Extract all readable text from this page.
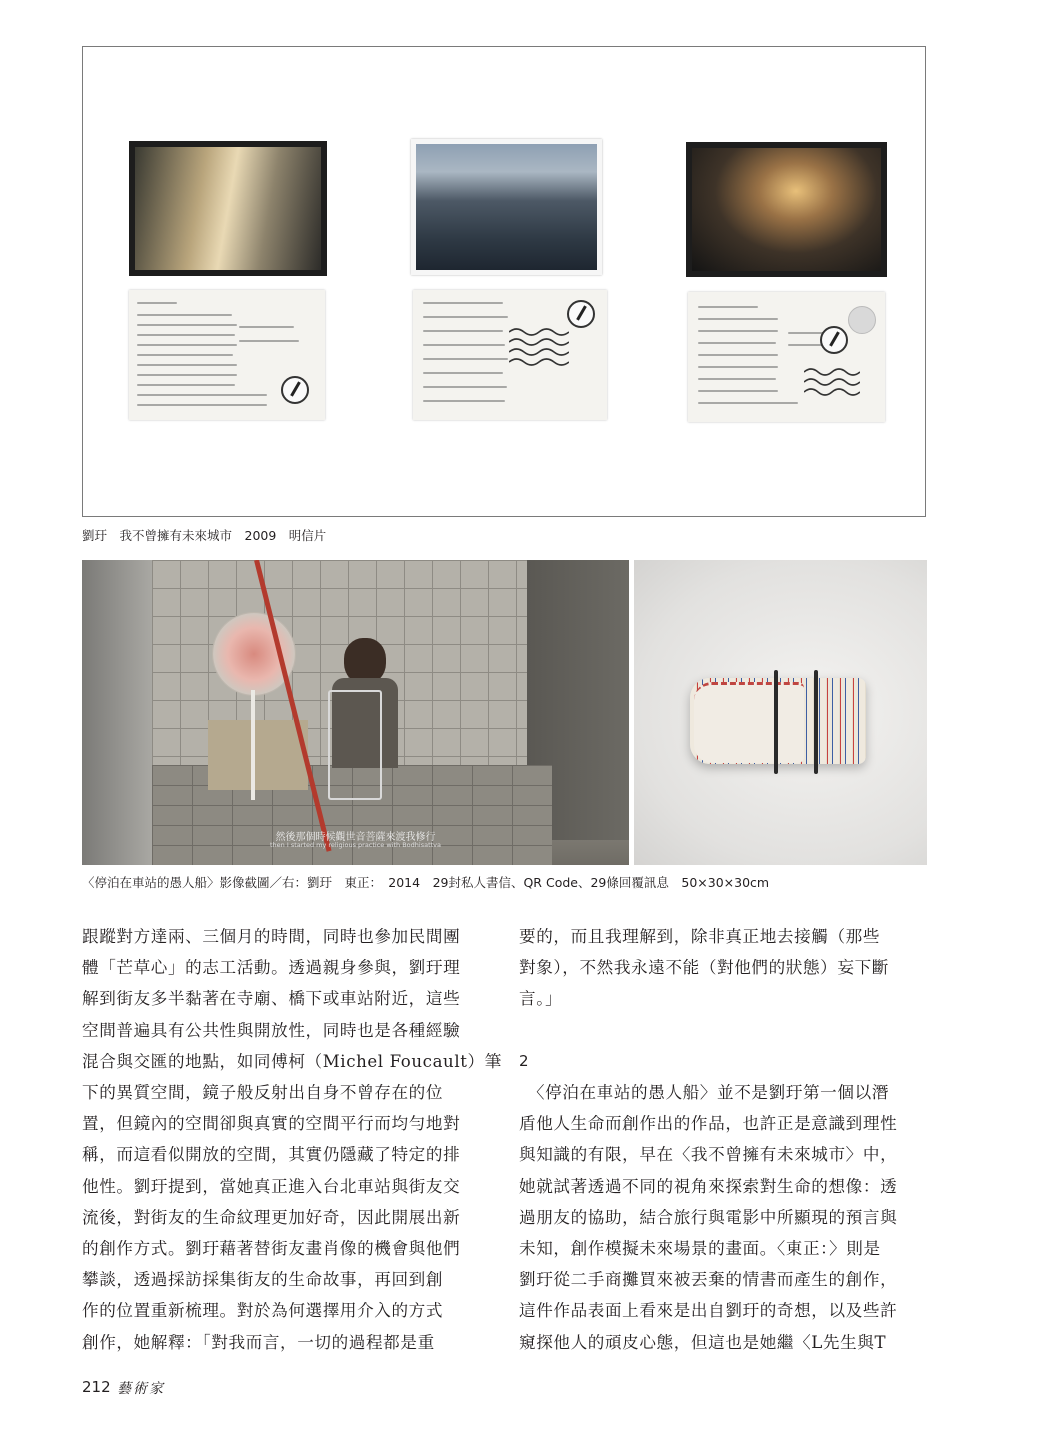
劉玗　我不曾擁有未來城市　2009　明信片
然後那個時候觀世音菩薩來渡我修行
then I started my religious practice with Bodhisattva
〈停泊在車站的愚人船〉影像截圖／右：劉玗　東正：　2014　29封私人書信、QR Code、29條回覆訊息　50×30×30cm

跟蹤對方達兩、三個月的時間，同時也參加民間團

體「芒草心」的志工活動。透過親身參與，劉玗理

解到街友多半黏著在寺廟、橋下或車站附近，這些

空間普遍具有公共性與開放性，同時也是各種經驗

混合與交匯的地點，如同傅柯（Michel Foucault）筆

下的異質空間，鏡子般反射出自身不曾存在的位

置，但鏡內的空間卻與真實的空間平行而均勻地對

稱，而這看似開放的空間，其實仍隱藏了特定的排

他性。劉玗提到，當她真正進入台北車站與街友交

流後，對街友的生命紋理更加好奇，因此開展出新

的創作方式。劉玗藉著替街友畫肖像的機會與他們

攀談，透過採訪採集街友的生命故事，再回到創

作的位置重新梳理。對於為何選擇用介入的方式

創作，她解釋：「對我而言，一切的過程都是重

要的，而且我理解到，除非真正地去接觸（那些

對象），不然我永遠不能（對他們的狀態）妄下斷

言。」

2

　〈停泊在車站的愚人船〉並不是劉玗第一個以潛

盾他人生命而創作出的作品，也許正是意識到理性

與知識的有限，早在〈我不曾擁有未來城市〉中，

她就試著透過不同的視角來探索對生命的想像：透

過朋友的協助，結合旅行與電影中所顯現的預言與

未知，創作模擬未來場景的畫面。〈東正：〉則是

劉玗從二手商攤買來被丟棄的情書而產生的創作，

這件作品表面上看來是出自劉玗的奇想，以及些許

窺探他人的頑皮心態，但這也是她繼〈L先生與T

212 藝術家
